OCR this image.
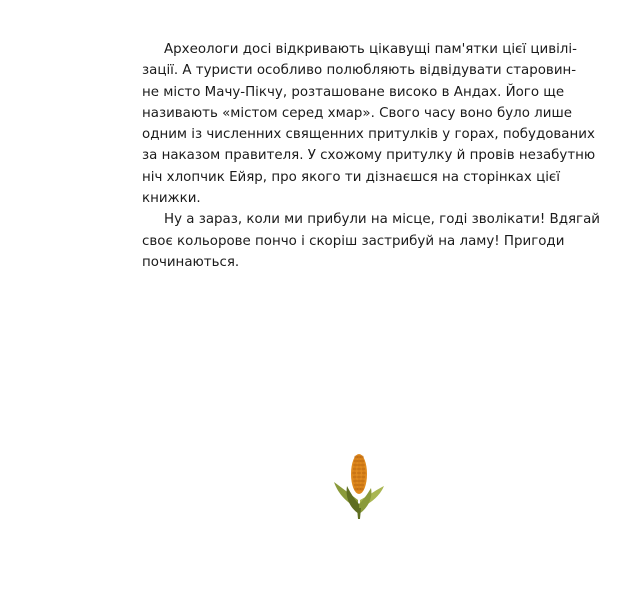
Археологи досі відкривають цікавущі пам'ятки цієї цивілі-
зації. А туристи особливо полюбляють відвідувати старовин-
не місто Мачу-Пікчу, розташоване високо в Андах. Його ще
називають «містом серед хмар». Свого часу воно було лише
одним із численних священних притулків у горах, побудованих
за наказом правителя. У схожому притулку й провів незабутню
ніч хлопчик Ейяр, про якого ти дізнаєшся на сторінках цієї
книжки.

Ну а зараз, коли ми прибули на місце, годі зволікати! Вдягай
своє кольорове пончо і скоріш застрибуй на ламу! Пригоди
починаються.
